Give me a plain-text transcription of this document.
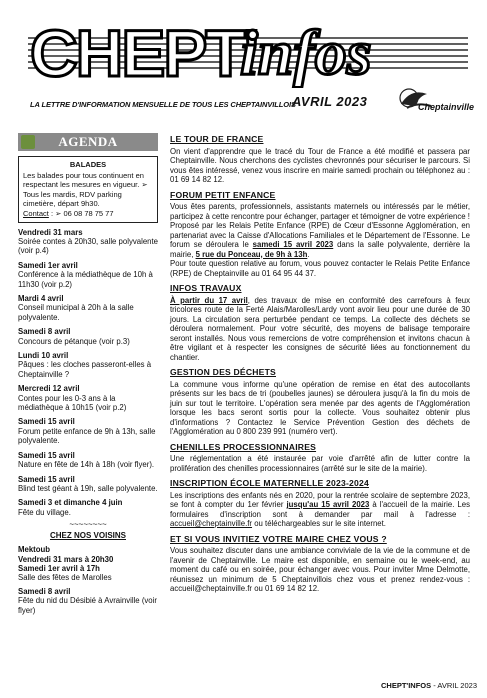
CHEPT'
infos
LA LETTRE D'INFORMATION MENSUELLE DE TOUS LES CHEPTAINVILLOIS
AVRIL 2023	Cheptainville
AGENDA
BALADES
Les balades pour tous continuent en respectant les mesures en vigueur. ➢ Tous les mardis, RDV parking cimetière, départ 9h30.
Contact : ➢ 06 08 78 75 77
Vendredi 31 mars
Soirée contes à 20h30, salle polyvalente (voir p.4)
Samedi 1er avril
Conférence à la médiathèque de 10h à 11h30 (voir p.2)
Mardi 4 avril
Conseil municipal à 20h à la salle polyvalente.
Samedi 8 avril
Concours de pétanque (voir p.3)
Lundi 10 avril
Pâques : les cloches passeront-elles à Cheptainville ?
Mercredi 12 avril
Contes pour les 0-3 ans à la médiathèque à 10h15 (voir p.2)
Samedi 15 avril
Forum petite enfance de 9h à 13h, salle polyvalente.
Samedi 15 avril
Nature en fête de 14h à 18h (voir flyer).
Samedi 15 avril
Blind test géant à 19h, salle polyvalente.
Samedi 3 et dimanche 4 juin
Fête du village.
~~~~~~~~
CHEZ NOS VOISINS
Mektoub
Vendredi 31 mars à 20h30
Samedi 1er avril à 17h
Salle des fêtes de Marolles
Samedi 8 avril
Fête du nid du Désibié à Avrainville (voir flyer)
LE TOUR DE FRANCE

On vient d'apprendre que le tracé du Tour de France a été modifié et passera par Cheptainville. Nous cherchons des cyclistes chevronnés pour sécuriser le parcours. Si vous êtes intéressé, venez vous inscrire en mairie samedi prochain ou téléphonez au : 01 69 14 82 12.

FORUM PETIT ENFANCE

Vous êtes parents, professionnels, assistants maternels ou intéressés par le métier, participez à cette rencontre pour échanger, partager et témoigner de votre expérience !

Proposé par les Relais Petite Enfance (RPE) de Cœur d'Essonne Agglomération, en partenariat avec la Caisse d'Allocations Familiales et le Département de l'Essonne. Le forum se déroulera le samedi 15 avril 2023 dans la salle polyvalente, derrière la mairie, 5 rue du Ponceau, de 9h à 13h.

Pour toute question relative au forum, vous pouvez contacter le Relais Petite Enfance (RPE) de Cheptainville au 01 64 95 44 37.

INFOS TRAVAUX

À partir du 17 avril, des travaux de mise en conformité des carrefours à feux tricolores route de la Ferté Alais/Marolles/Lardy vont avoir lieu pour une durée de 30 jours. La circulation sera perturbée pendant ce temps. La collecte des déchets se déroulera normalement. Pour votre sécurité, des moyens de balisage temporaire seront installés. Nous vous remercions de votre compréhension et invitons chacun à être vigilant et à respecter les consignes de sécurité liées au fonctionnement du chantier.

GESTION DES DÉCHETS

La commune vous informe qu'une opération de remise en état des autocollants présents sur les bacs de tri (poubelles jaunes) se déroulera jusqu'à la fin du mois de juin sur tout le territoire. L'opération sera menée par des agents de l'Agglomération lorsque les bacs seront sortis pour la collecte. Vous souhaitez obtenir plus d'informations ? Contactez le Service Prévention Gestion des déchets de l'Agglomération au 0 800 239 991 (numéro vert).

CHENILLES PROCESSIONNAIRES

Une réglementation a été instaurée par voie d'arrêté afin de lutter contre la prolifération des chenilles processionnaires (arrêté sur le site de la mairie).

INSCRIPTION ÉCOLE MATERNELLE 2023-2024

Les inscriptions des enfants nés en 2020, pour la rentrée scolaire de septembre 2023, se font à compter du 1er février jusqu'au 15 avril 2023 à l'accueil de la mairie. Les formulaires d'inscription sont à demander par mail à l'adresse : accueil@cheptainville.fr ou téléchargeables sur le site internet.

ET SI VOUS INVITIEZ VOTRE MAIRE CHEZ VOUS ?

Vous souhaitez discuter dans une ambiance conviviale de la vie de la commune et de l'avenir de Cheptainville. Le maire est disponible, en semaine ou le week-end, au moment du café ou en soirée, pour échanger avec vous. Pour inviter Mme Delmotte, réunissez un minimum de 5 Cheptainvillois chez vous et prenez rendez-vous : accueil@cheptainville.fr ou 01 69 14 82 12.

CHEPT'INFOS - AVRIL 2023
